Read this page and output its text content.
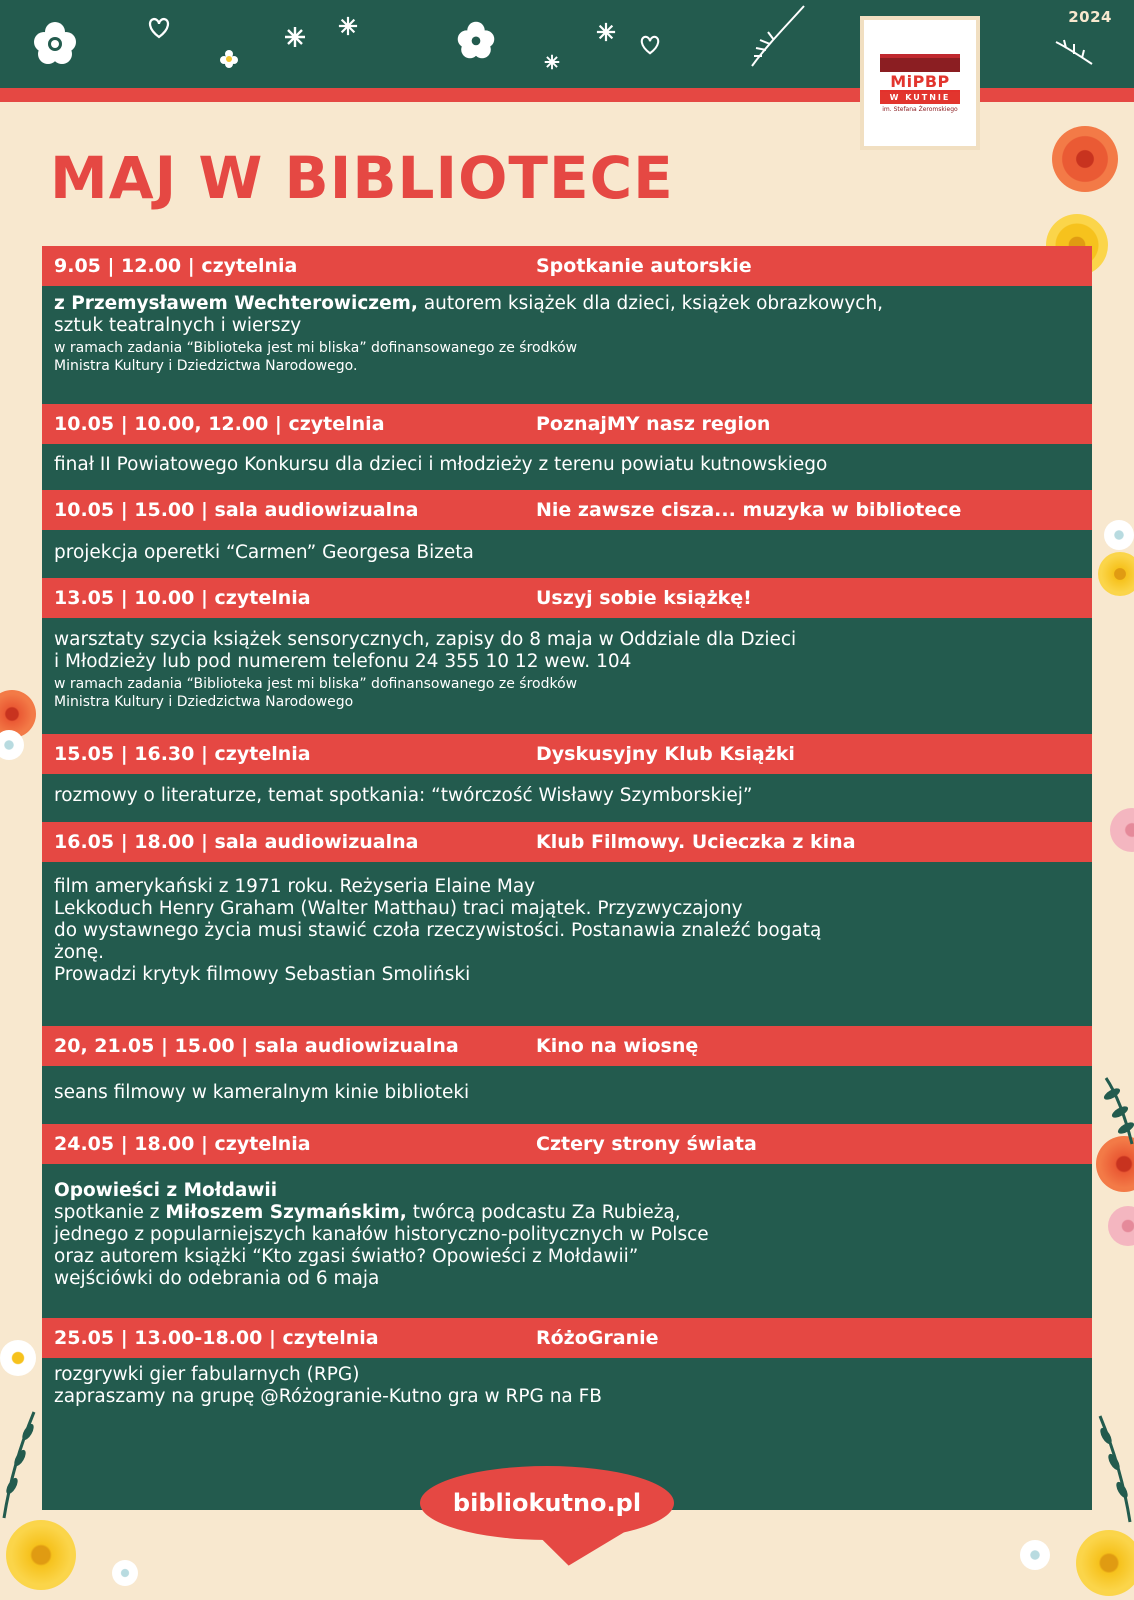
2024
MiPBP
W KUTNIE
im. Stefana Żeromskiego
MAJ W BIBLIOTECE
9.05 | 12.00 | czytelnia	Spotkanie autorskie
z Przemysławem Wechterowiczem, autorem książek dla dzieci, książek obrazkowych,
sztuk teatralnych i wierszy
w ramach zadania “Biblioteka jest mi bliska” dofinansowanego ze środków
Ministra Kultury i Dziedzictwa Narodowego.
10.05 | 10.00, 12.00 | czytelnia	PoznajMY nasz region
finał II Powiatowego Konkursu dla dzieci i młodzieży z terenu powiatu kutnowskiego
10.05 | 15.00 | sala audiowizualna	Nie zawsze cisza... muzyka w bibliotece
projekcja operetki “Carmen” Georgesa Bizeta
13.05 | 10.00 | czytelnia	Uszyj sobie książkę!
warsztaty szycia książek sensorycznych, zapisy do 8 maja w Oddziale dla Dzieci
i Młodzieży lub pod numerem telefonu 24 355 10 12 wew. 104
w ramach zadania “Biblioteka jest mi bliska” dofinansowanego ze środków
Ministra Kultury i Dziedzictwa Narodowego
15.05 | 16.30 | czytelnia	Dyskusyjny Klub Książki
rozmowy o literaturze, temat spotkania: “twórczość Wisławy Szymborskiej”
16.05 | 18.00 | sala audiowizualna	Klub Filmowy. Ucieczka z kina
film amerykański z 1971 roku. Reżyseria Elaine May
Lekkoduch Henry Graham (Walter Matthau) traci majątek. Przyzwyczajony
do wystawnego życia musi stawić czoła rzeczywistości. Postanawia znaleźć bogatą
żonę.
Prowadzi krytyk filmowy Sebastian Smoliński
20, 21.05 | 15.00 | sala audiowizualna	Kino na wiosnę
seans filmowy w kameralnym kinie biblioteki
24.05 | 18.00 | czytelnia	Cztery strony świata
Opowieści z Mołdawii
spotkanie z Miłoszem Szymańskim, twórcą podcastu Za Rubieżą,
jednego z popularniejszych kanałów historyczno-politycznych w Polsce
oraz autorem książki “Kto zgasi światło? Opowieści z Mołdawii”
wejściówki do odebrania od 6 maja
25.05 | 13.00-18.00 | czytelnia	RóżoGranie
rozgrywki gier fabularnych (RPG)
zapraszamy na grupę @Różogranie-Kutno gra w RPG na FB
bibliokutno.pl
